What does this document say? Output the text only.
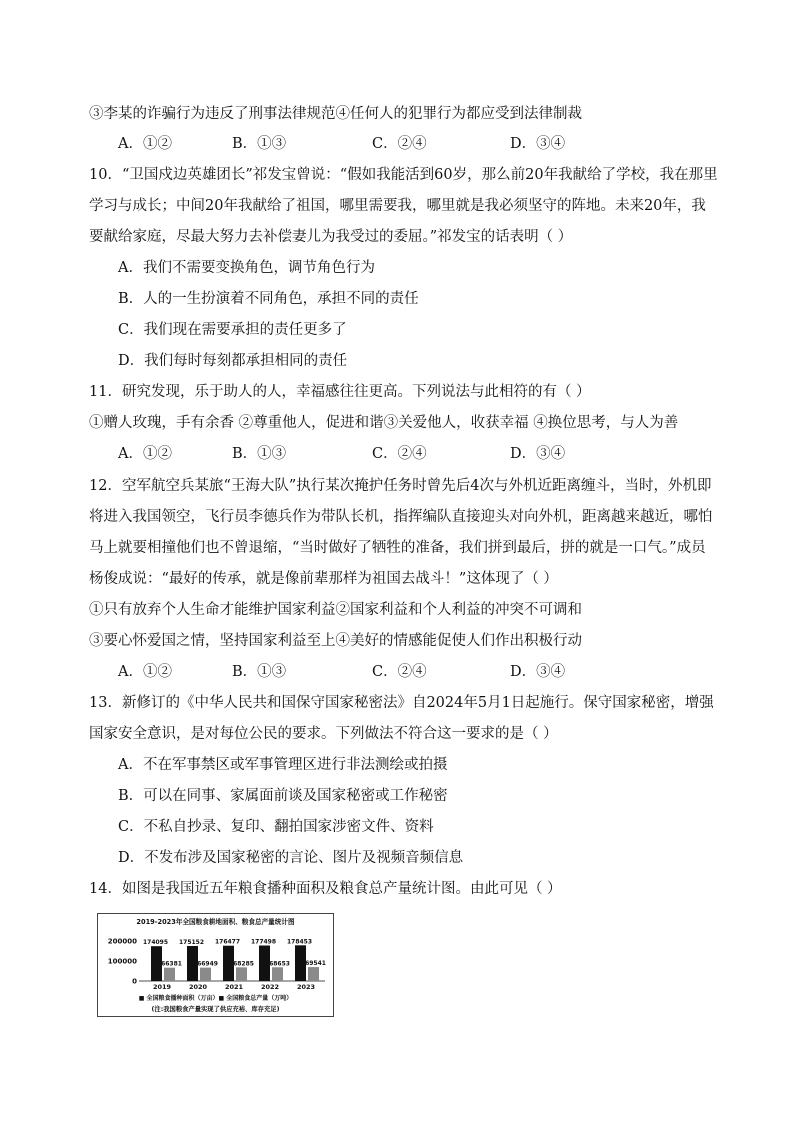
③李某的诈骗行为违反了刑事法律规范④任何人的犯罪行为都应受到法律制裁
A．①②	B．①③	C．②④	D．③④
10．“卫国戍边英雄团长”祁发宝曾说：“假如我能活到60岁，那么前20年我献给了学校，我在那里
学习与成长；中间20年我献给了祖国，哪里需要我，哪里就是我必须坚守的阵地。未来20年，我
要献给家庭，尽最大努力去补偿妻儿为我受过的委屈。”祁发宝的话表明（ ）
A．我们不需要变换角色，调节角色行为
B．人的一生扮演着不同角色，承担不同的责任
C．我们现在需要承担的责任更多了
D．我们每时每刻都承担相同的责任
11．研究发现，乐于助人的人，幸福感往往更高。下列说法与此相符的有（ ）
①赠人玫瑰，手有余香 ②尊重他人，促进和谐③关爱他人，收获幸福 ④换位思考，与人为善
A．①②	B．①③	C．②④	D．③④
12．空军航空兵某旅“王海大队”执行某次掩护任务时曾先后4次与外机近距离缠斗，当时，外机即
将进入我国领空，飞行员李德兵作为带队长机，指挥编队直接迎头对向外机，距离越来越近，哪怕
马上就要相撞他们也不曾退缩，“当时做好了牺牲的准备，我们拼到最后，拼的就是一口气。”成员
杨俊成说：“最好的传承，就是像前辈那样为祖国去战斗！”这体现了（ ）
①只有放弃个人生命才能维护国家利益②国家利益和个人利益的冲突不可调和
③要心怀爱国之情，坚持国家利益至上④美好的情感能促使人们作出积极行动
A．①②	B．①③	C．②④	D．③④
13．新修订的《中华人民共和国保守国家秘密法》自2024年5月1日起施行。保守国家秘密，增强
国家安全意识，是对每位公民的要求。下列做法不符合这一要求的是（ ）
A．不在军事禁区或军事管理区进行非法测绘或拍摄
B．可以在同事、家属面前谈及国家秘密或工作秘密
C．不私自抄录、复印、翻拍国家涉密文件、资料
D．不发布涉及国家秘密的言论、图片及视频音频信息
14．如图是我国近五年粮食播种面积及粮食总产量统计图。由此可见（ ）
2019-2023年全国粮食耕地面积、粮食总产量统计图
200000
100000
0
174095
66381
2019
175152
66949
2020
176477
68285
2021
177498
68653
2022
178453
69541
2023
■ 全国粮食播种面积（万亩）■ 全国粮食总产量（万吨）
(注:我国粮食产量实现了供应充裕、库存充足)
